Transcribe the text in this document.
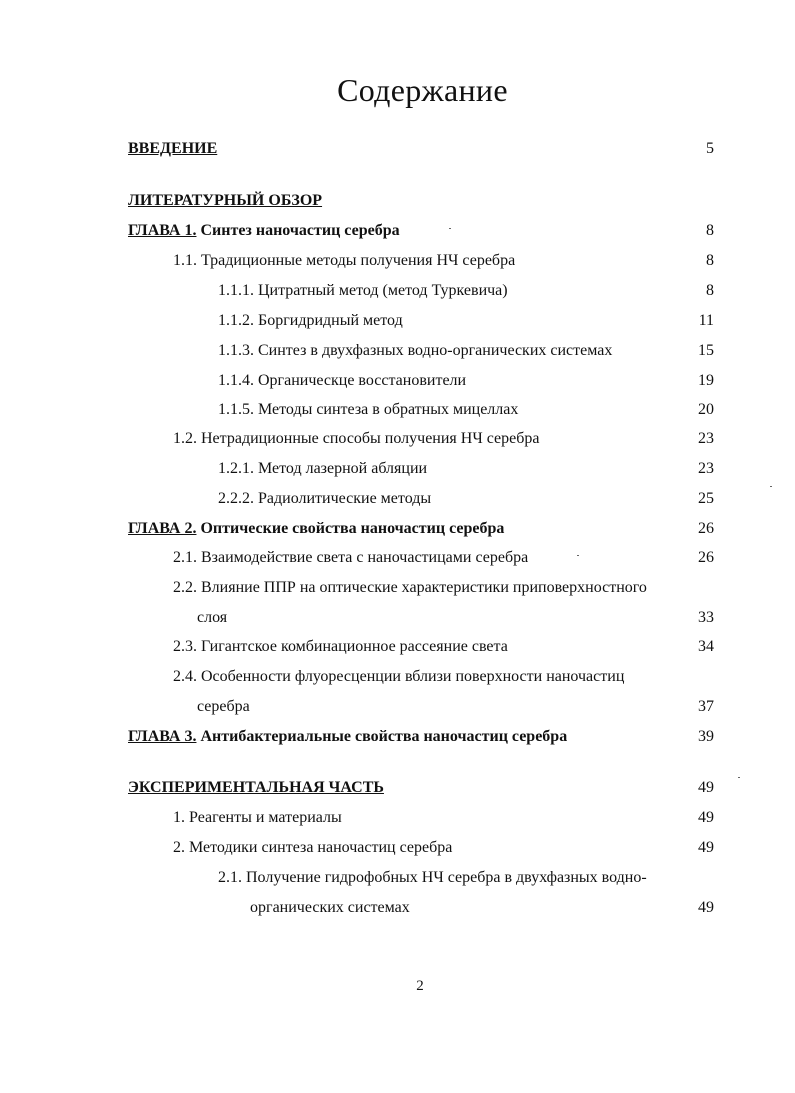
Содержание
ВВЕДЕНИЕ	5
ЛИТЕРАТУРНЫЙ ОБЗОР
ГЛАВА 1. Синтез наночастиц серебра	8
1.1. Традиционные методы получения НЧ серебра	8
1.1.1. Цитратный метод (метод Туркевича)	8
1.1.2. Боргидридный метод	11
1.1.3. Синтез в двухфазных водно-органических системах	15
1.1.4. Органическце восстановители	19
1.1.5. Методы синтеза в обратных мицеллах	20
1.2. Нетрадиционные способы получения НЧ серебра	23
1.2.1. Метод лазерной абляции	23
2.2.2. Радиолитические методы	25
ГЛАВА 2. Оптические свойства наночастиц серебра	26
2.1. Взаимодействие света с наночастицами серебра	26
2.2. Влияние ППР на оптические характеристики приповерхностного
слоя	33
2.3. Гигантское комбинационное рассеяние света	34
2.4. Особенности флуоресценции вблизи поверхности наночастиц
серебра	37
ГЛАВА 3. Антибактериальные свойства наночастиц серебра	39
ЭКСПЕРИМЕНТАЛЬНАЯ ЧАСТЬ	49
1. Реагенты и материалы	49
2. Методики синтеза наночастиц серебра	49
2.1. Получение гидрофобных НЧ серебра в двухфазных водно-
органических системах	49
2
